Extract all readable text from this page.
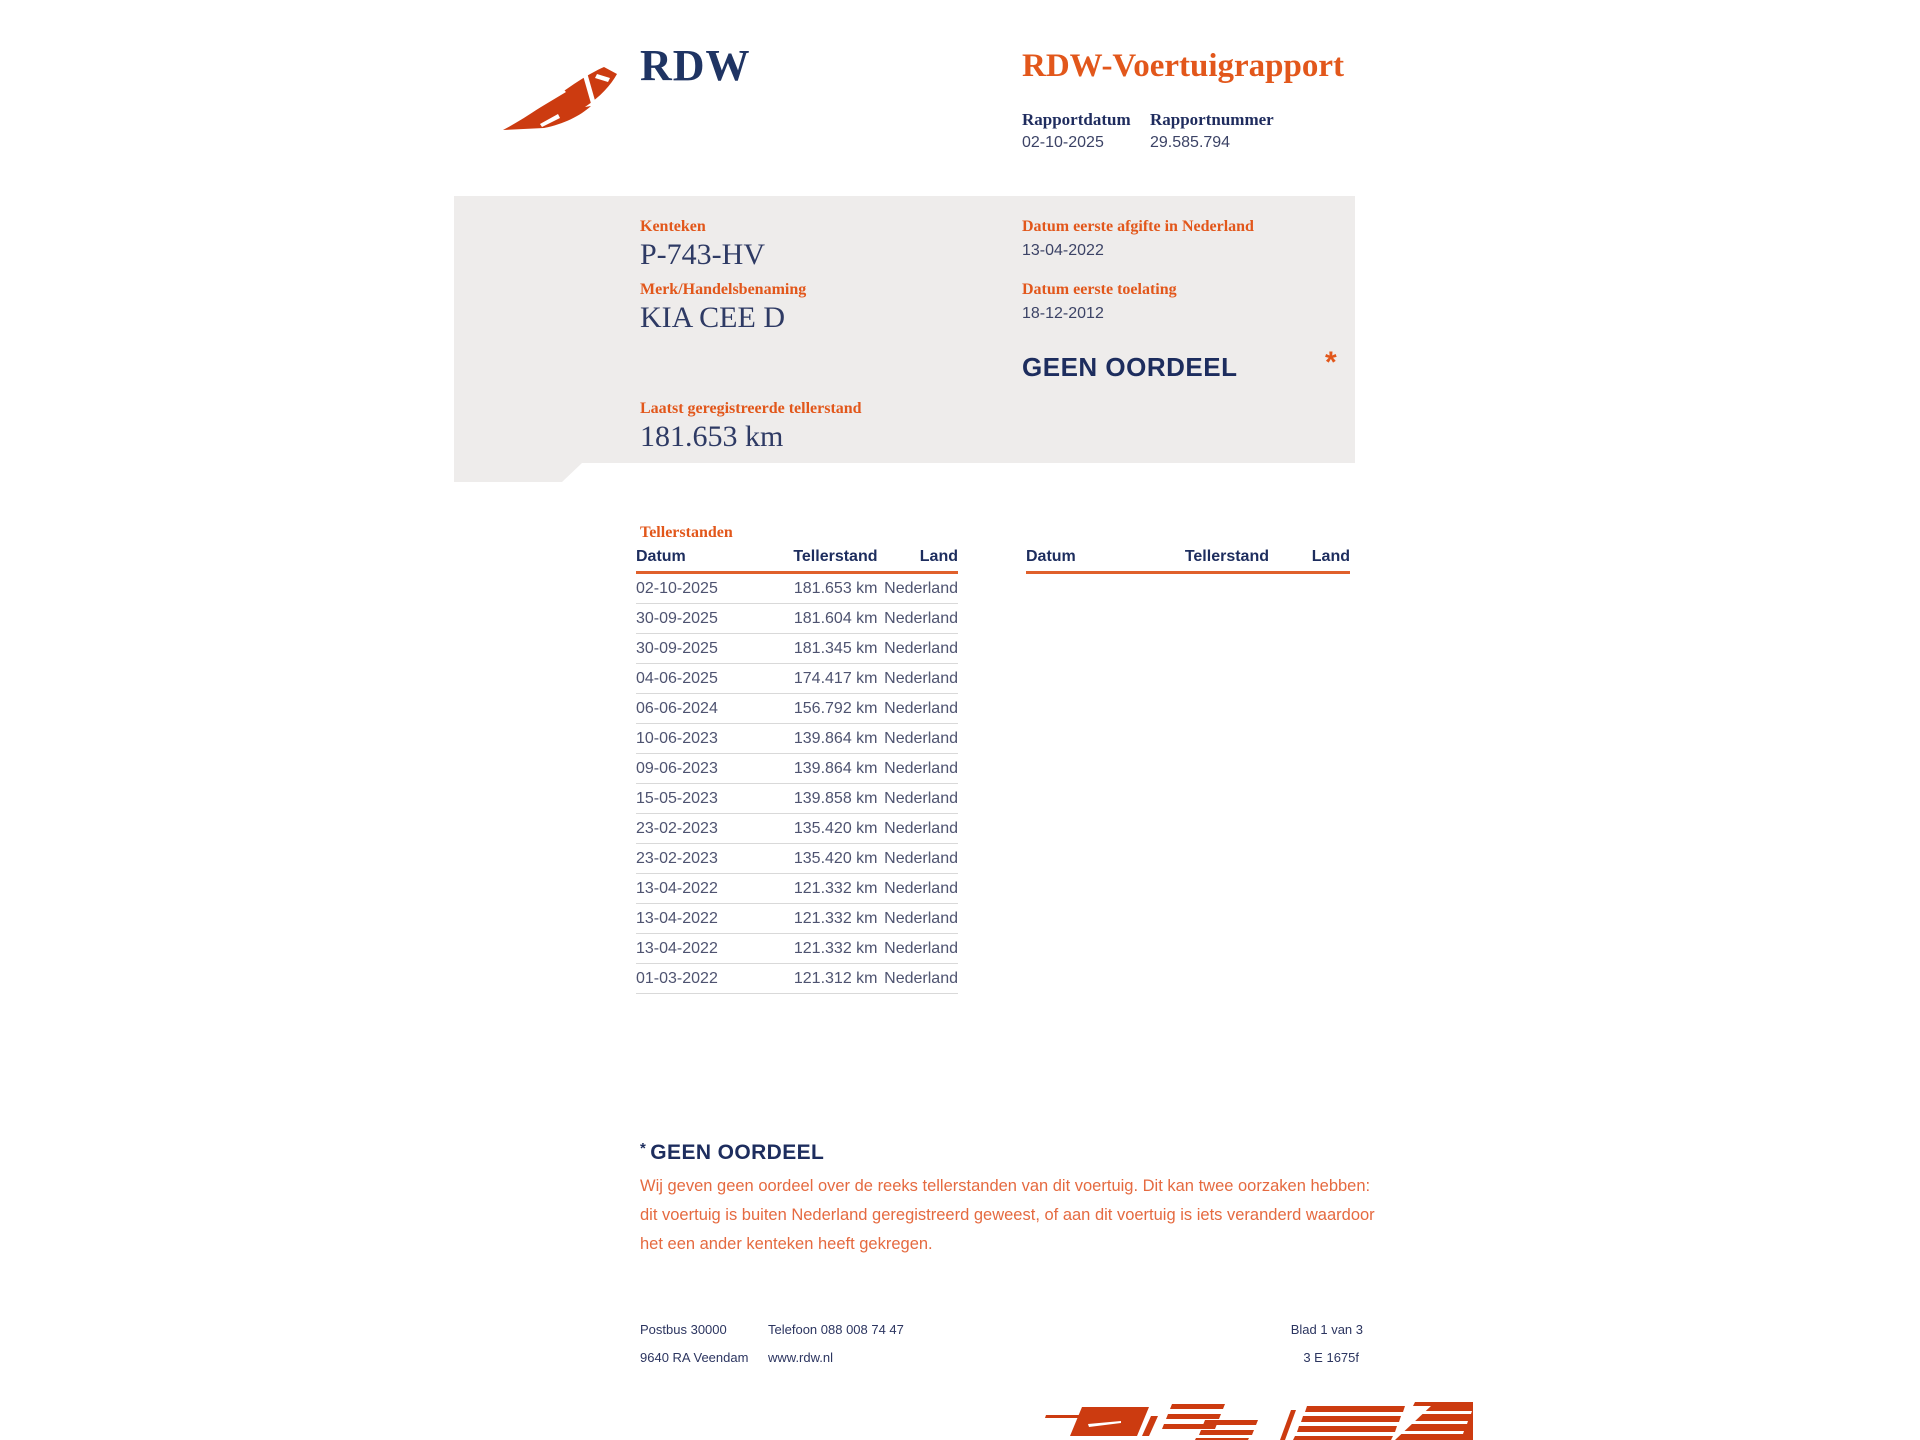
RDW	RDW-Voertuigrapport
Rapportdatum Rapportnummer
02-10-2025	29.585.794
Kenteken
P-743-HV
Merk/Handelsbenaming
KIA CEE D
Datum eerste afgifte in Nederland
13-04-2022
Datum eerste toelating
18-12-2012
GEEN OORDEEL	*
Laatst geregistreerde tellerstand
181.653 km
Tellerstanden
Datum	Tellerstand	Land
02-10-2025	181.653 km	Nederland
30-09-2025	181.604 km	Nederland
30-09-2025	181.345 km	Nederland
04-06-2025	174.417 km	Nederland
06-06-2024	156.792 km	Nederland
10-06-2023	139.864 km	Nederland
09-06-2023	139.864 km	Nederland
15-05-2023	139.858 km	Nederland
23-02-2023	135.420 km	Nederland
23-02-2023	135.420 km	Nederland
13-04-2022	121.332 km	Nederland
13-04-2022	121.332 km	Nederland
13-04-2022	121.332 km	Nederland
01-03-2022	121.312 km	Nederland
Datum	Tellerstand	Land
* GEEN OORDEEL
Wij geven geen oordeel over de reeks tellerstanden van dit voertuig. Dit kan twee oorzaken hebben: dit voertuig is buiten Nederland geregistreerd geweest, of aan dit voertuig is iets veranderd waardoor het een ander kenteken heeft gekregen.
Postbus 30000
9640 RA Veendam
Telefoon 088 008 74 47
www.rdw.nl
Blad 1 van 3
3 E 1675f
